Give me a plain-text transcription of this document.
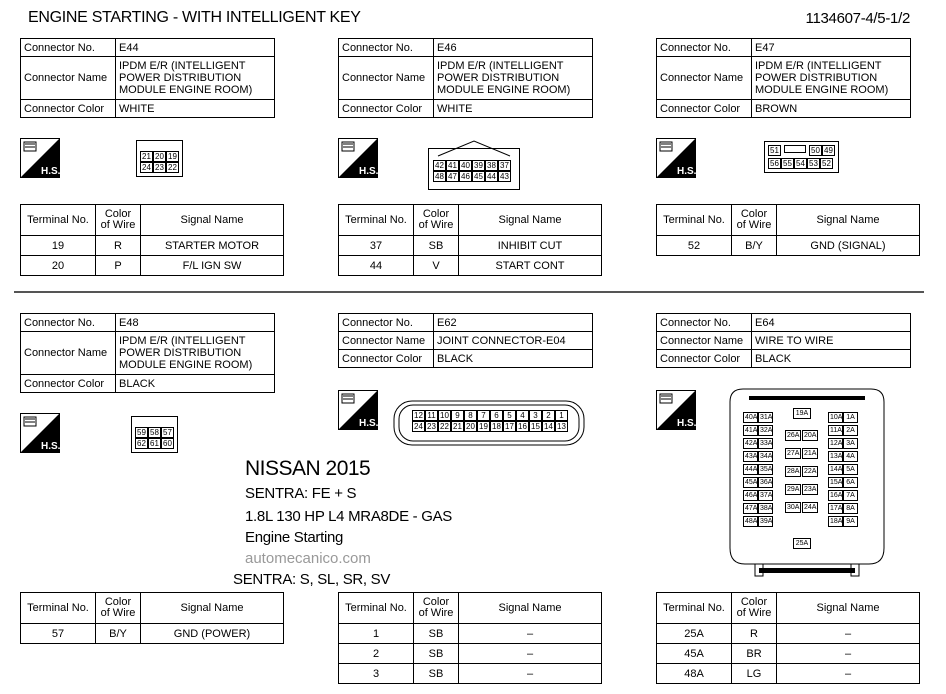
ENGINE STARTING - WITH INTELLIGENT KEY	1134607-4/5-1/2
Connector No.	E44
Connector Name	IPDM E/R (INTELLIGENT POWER DISTRIBUTION MODULE ENGINE ROOM)
Connector Color	WHITE
H.S.
21 20 19
24 23 22
Terminal No.	Color of Wire	Signal Name
19	R	STARTER MOTOR
20	P	F/L IGN SW
Connector No.	E46
Connector Name	IPDM E/R (INTELLIGENT POWER DISTRIBUTION MODULE ENGINE ROOM)
Connector Color	WHITE
H.S.
42 41 40 39 38 37
48 47 46 45 44 43
Terminal No.	Color of Wire	Signal Name
37	SB	INHIBIT CUT
44	V	START CONT
Connector No.	E47
Connector Name	IPDM E/R (INTELLIGENT POWER DISTRIBUTION MODULE ENGINE ROOM)
Connector Color	BROWN
H.S.
51	50 49
56 55 54 53 52
Terminal No.	Color of Wire	Signal Name
52	B/Y	GND (SIGNAL)
Connector No.	E48
Connector Name	IPDM E/R (INTELLIGENT POWER DISTRIBUTION MODULE ENGINE ROOM)
Connector Color	BLACK
H.S.
59 58 57
62 61 60
Connector No.	E62
Connector Name	JOINT CONNECTOR-E04
Connector Color	BLACK
H.S.
12 11 10 9	8	7	6	5	4	3	2	1
24 23 22 21 20 19 18 17 16 15 14 13
Connector No.	E64
Connector Name	WIRE TO WIRE
Connector Color	BLACK
H.S.
40A 31A
41A 32A
42A 33A
43A 34A
44A 35A
45A 36A
46A 37A
47A 38A
48A 39A
19A
26A 20A
27A 21A
28A 22A
29A 23A
30A 24A
25A
10A 1A
11A 2A
12A 3A
13A 4A
14A 5A
15A 6A
16A 7A
17A 8A
18A 9A
NISSAN 2015
SENTRA: FE + S
1.8L 130 HP L4 MRA8DE - GAS
Engine Starting
automecanico.com
SENTRA: S, SL, SR, SV
Terminal No.	Color of Wire	Signal Name
57	B/Y	GND (POWER)
Terminal No.	Color of Wire	Signal Name
1	SB	–
2	SB	–
3	SB	–
Terminal No.	Color of Wire	Signal Name
25A	R	–
45A	BR	–
48A	LG	–
